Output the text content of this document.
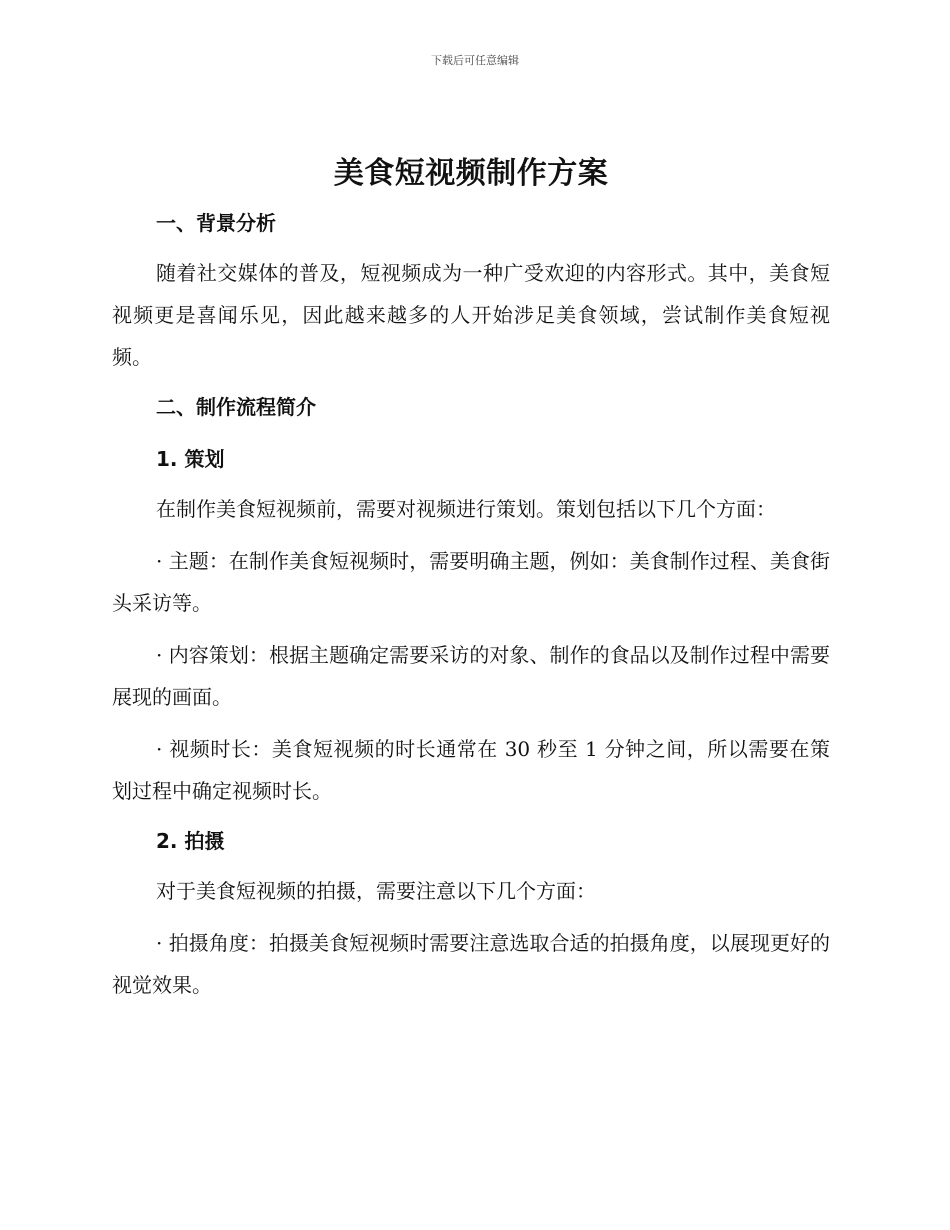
下载后可任意编辑
美食短视频制作方案
一、背景分析

随着社交媒体的普及，短视频成为一种广受欢迎的内容形式。其中，美食短视频更是喜闻乐见，因此越来越多的人开始涉足美食领域，尝试制作美食短视频。

二、制作流程简介
1. 策划

在制作美食短视频前，需要对视频进行策划。策划包括以下几个方面：

· 主题：在制作美食短视频时，需要明确主题，例如：美食制作过程、美食街头采访等。

· 内容策划：根据主题确定需要采访的对象、制作的食品以及制作过程中需要展现的画面。

· 视频时长：美食短视频的时长通常在 30 秒至 1 分钟之间，所以需要在策划过程中确定视频时长。

2. 拍摄

对于美食短视频的拍摄，需要注意以下几个方面：

· 拍摄角度：拍摄美食短视频时需要注意选取合适的拍摄角度，以展现更好的视觉效果。
